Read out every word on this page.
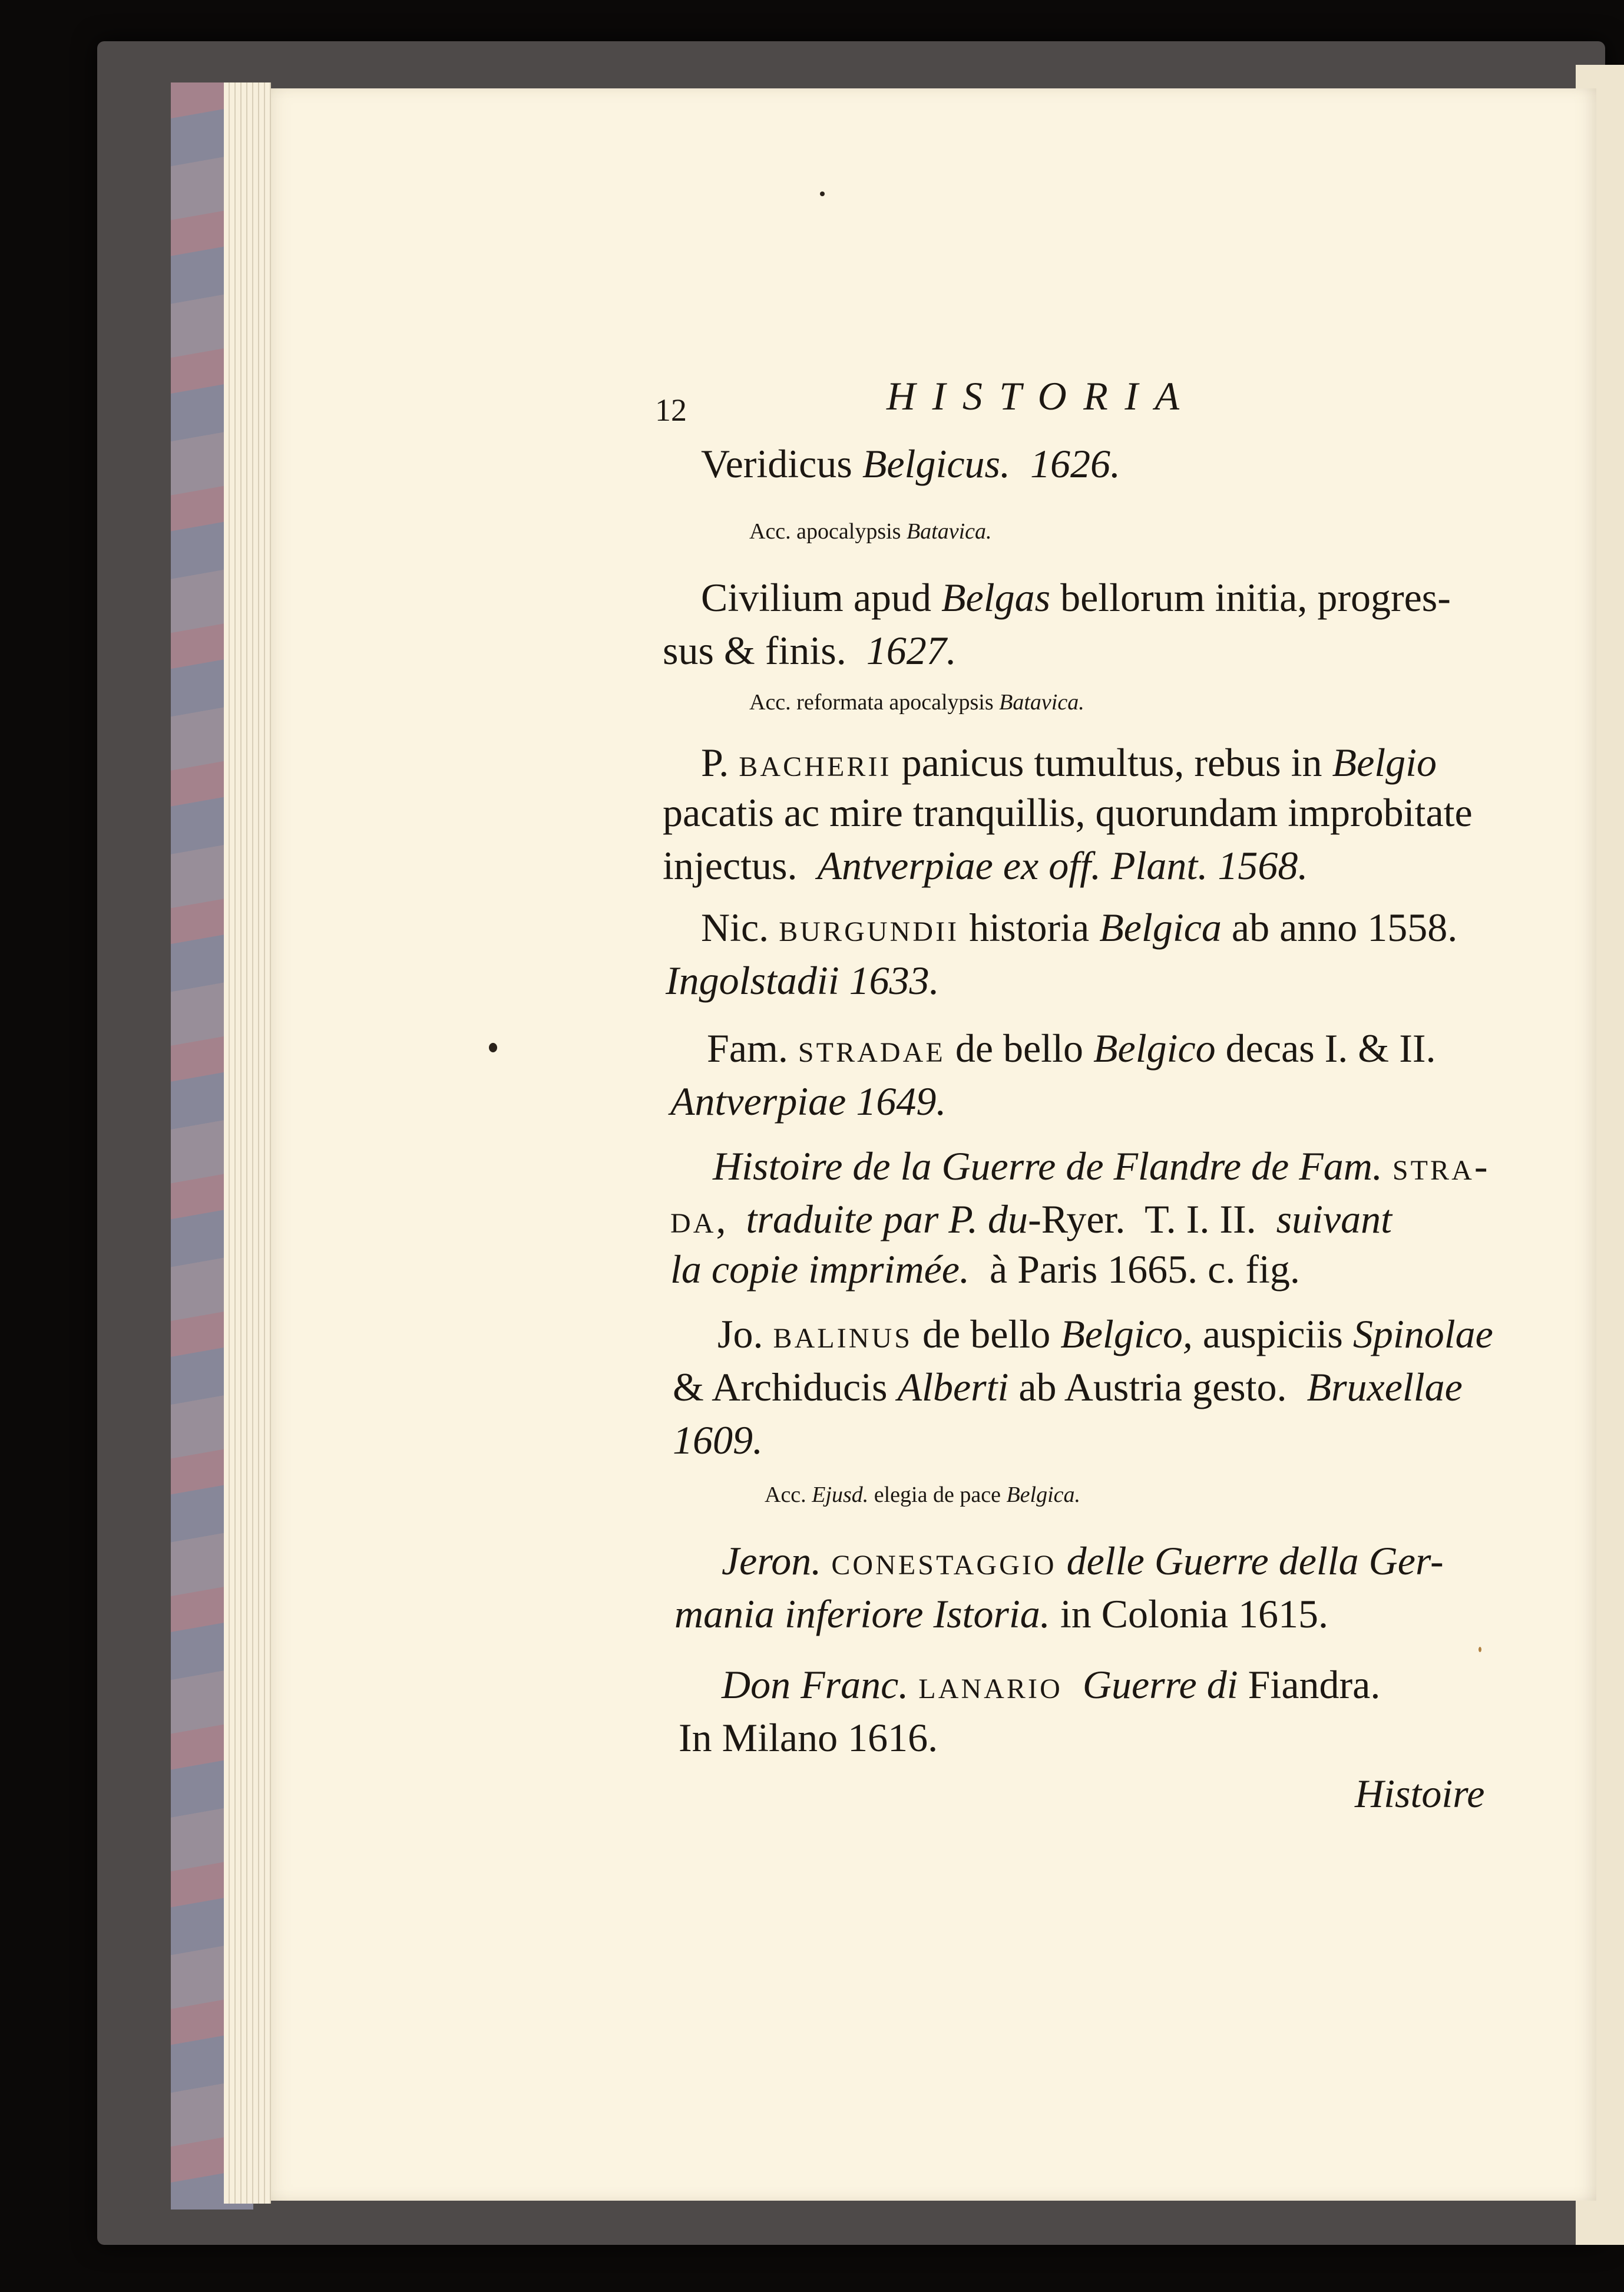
12	HISTORIA
Veridicus Belgicus. 1626.
Acc. apocalypsis Batavica.
Civilium apud Belgas bellorum initia, progres-
sus & finis.  1627.
Acc. reformata apocalypsis Batavica.
P. bacherii panicus tumultus, rebus in Belgio
pacatis ac mire tranquillis, quorundam improbitate
injectus.  Antverpiae ex off. Plant. 1568.
Nic. burgundii historia Belgica ab anno 1558.
Ingolstadii 1633.
Fam. stradae de bello Belgico decas I. & II.
Antverpiae 1649.
Histoire de la Guerre de Flandre de Fam. stra-
da,  traduite par P. du-Ryer.  T. I. II.  suivant
la copie imprimée.  à Paris 1665. c. fig.
Jo. balinus de bello Belgico, auspiciis Spinolae
& Archiducis Alberti ab Austria gesto.  Bruxellae
1609.
Acc. Ejusd. elegia de pace Belgica.
Jeron. conestaggio delle Guerre della Ger-
mania inferiore Istoria. in Colonia 1615.
Don Franc. lanario Guerre di Fiandra.
In Milano 1616.
Histoire
